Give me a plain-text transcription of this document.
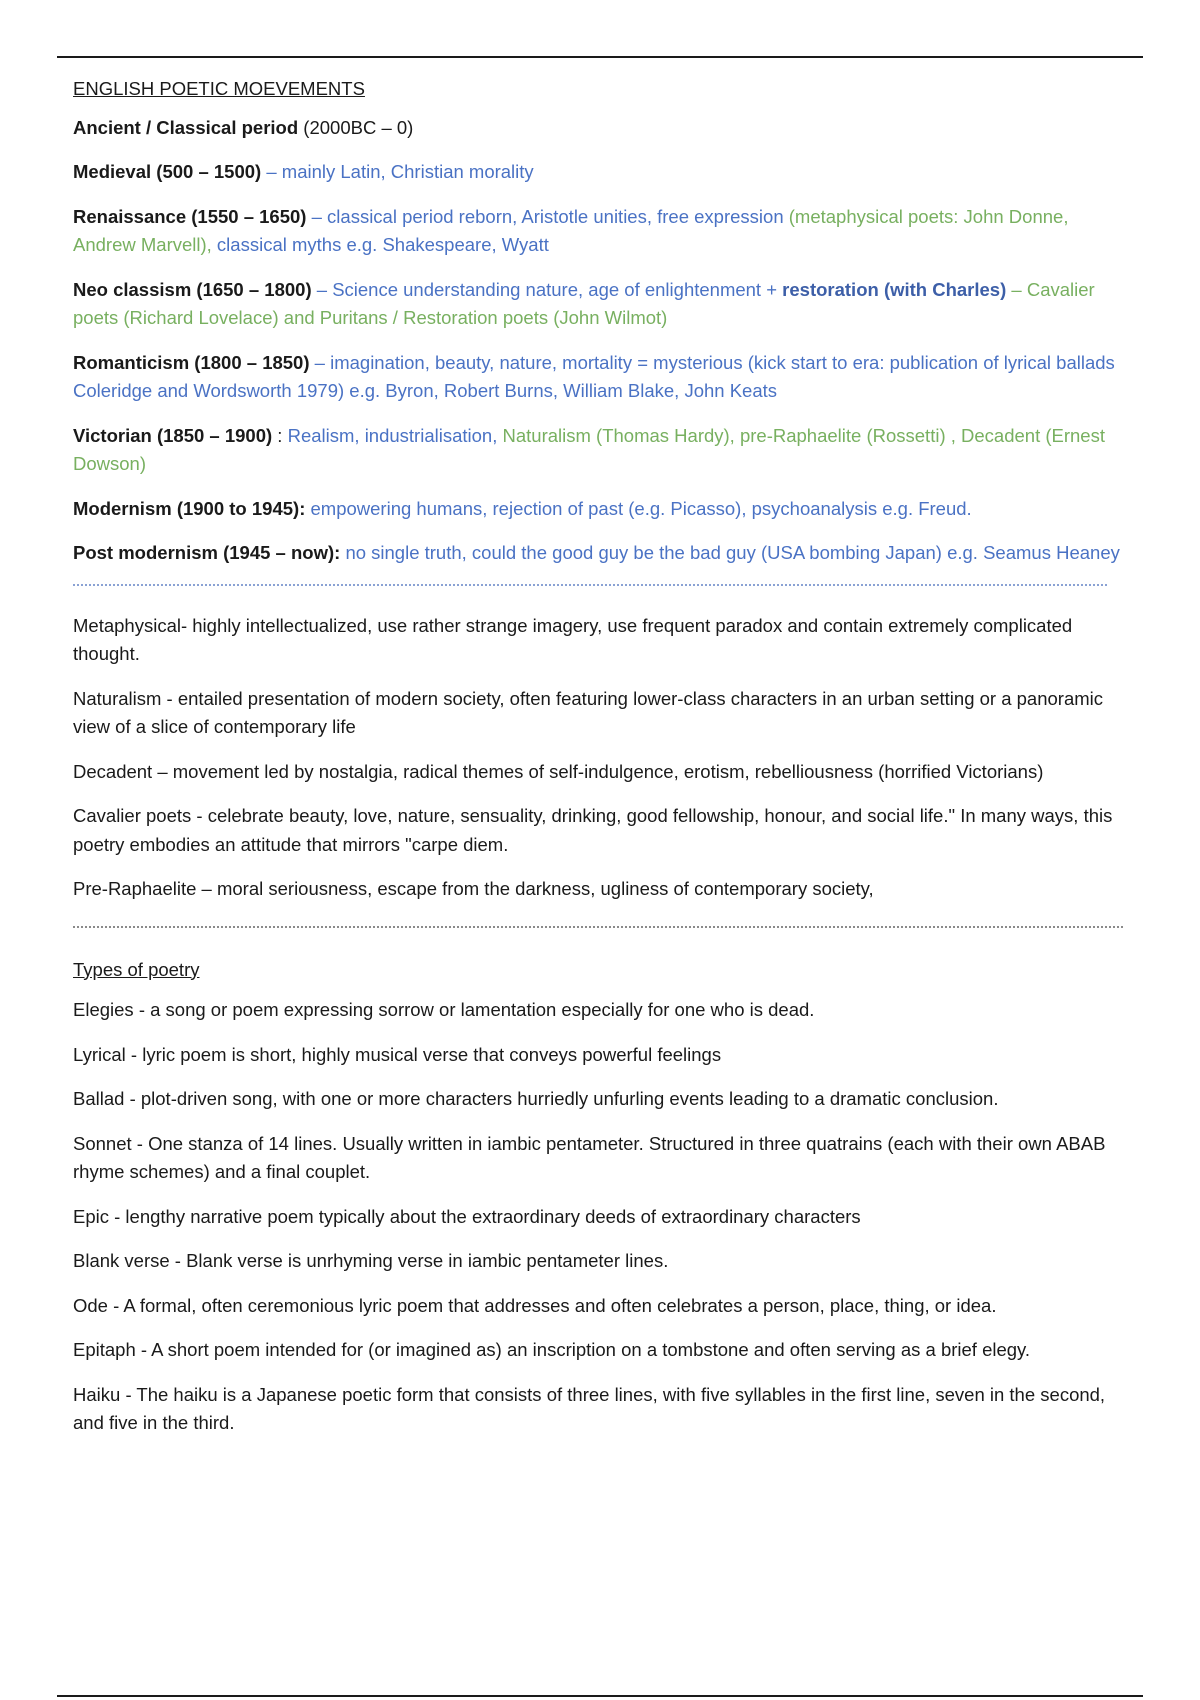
ENGLISH POETIC MOEVEMENTS

Ancient / Classical period (2000BC – 0)

Medieval (500 – 1500) – mainly Latin, Christian morality

Renaissance (1550 – 1650) – classical period reborn, Aristotle unities, free expression (metaphysical poets: John Donne, Andrew Marvell), classical myths e.g. Shakespeare, Wyatt

Neo classism (1650 – 1800) – Science understanding nature, age of enlightenment + restoration (with Charles) – Cavalier poets (Richard Lovelace) and Puritans / Restoration poets (John Wilmot)

Romanticism (1800 – 1850) – imagination, beauty, nature, mortality = mysterious (kick start to era: publication of lyrical ballads Coleridge and Wordsworth 1979) e.g. Byron, Robert Burns, William Blake, John Keats

Victorian (1850 – 1900) : Realism, industrialisation, Naturalism (Thomas Hardy), pre-Raphaelite (Rossetti) , Decadent (Ernest Dowson)

Modernism (1900 to 1945): empowering humans, rejection of past (e.g. Picasso), psychoanalysis e.g. Freud.

Post modernism (1945 – now): no single truth, could the good guy be the bad guy (USA bombing Japan) e.g. Seamus Heaney

Metaphysical- highly intellectualized, use rather strange imagery, use frequent paradox and contain extremely complicated thought.

Naturalism - entailed presentation of modern society, often featuring lower-class characters in an urban setting or a panoramic view of a slice of contemporary life

Decadent – movement led by nostalgia, radical themes of self-indulgence, erotism, rebelliousness (horrified Victorians)

Cavalier poets - celebrate beauty, love, nature, sensuality, drinking, good fellowship, honour, and social life." In many ways, this poetry embodies an attitude that mirrors "carpe diem.

Pre-Raphaelite – moral seriousness, escape from the darkness, ugliness of contemporary society,

Types of poetry

Elegies - a song or poem expressing sorrow or lamentation especially for one who is dead.

Lyrical - lyric poem is short, highly musical verse that conveys powerful feelings

Ballad - plot-driven song, with one or more characters hurriedly unfurling events leading to a dramatic conclusion.

Sonnet - One stanza of 14 lines. Usually written in iambic pentameter. Structured in three quatrains (each with their own ABAB rhyme schemes) and a final couplet.

Epic - lengthy narrative poem typically about the extraordinary deeds of extraordinary characters

Blank verse - Blank verse is unrhyming verse in iambic pentameter lines.

Ode - A formal, often ceremonious lyric poem that addresses and often celebrates a person, place, thing, or idea.

Epitaph - A short poem intended for (or imagined as) an inscription on a tombstone and often serving as a brief elegy.

Haiku - The haiku is a Japanese poetic form that consists of three lines, with five syllables in the first line, seven in the second, and five in the third.
